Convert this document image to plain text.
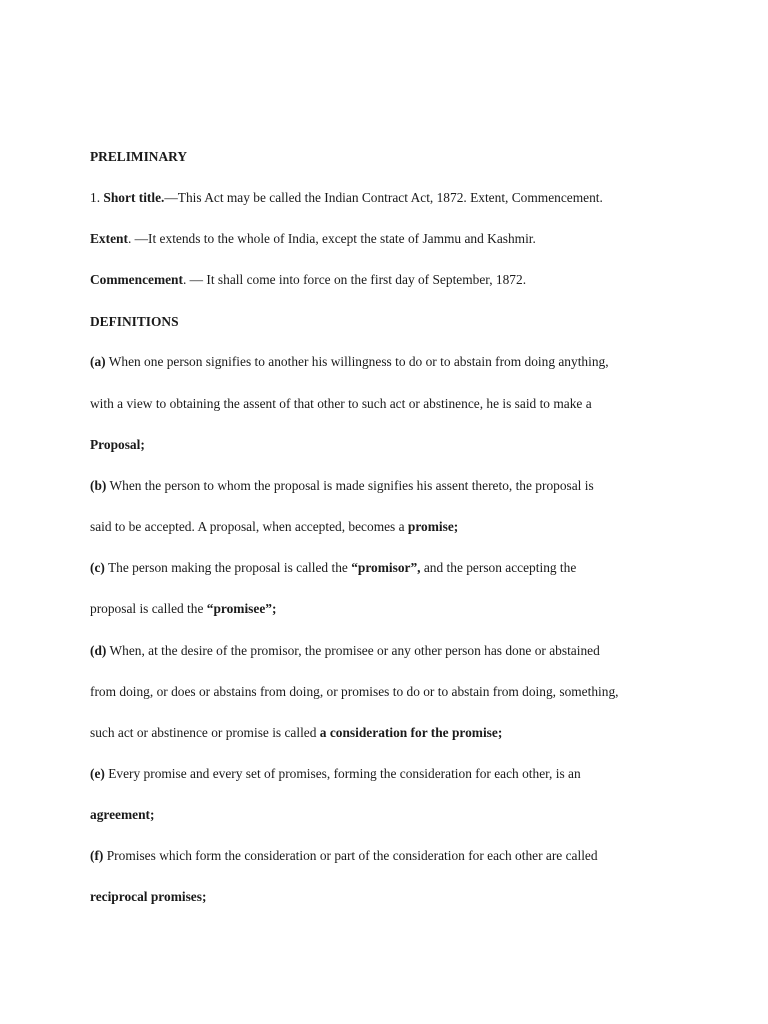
PRELIMINARY
1. Short title.—This Act may be called the Indian Contract Act, 1872. Extent, Commencement.
Extent. —It extends to the whole of India, except the state of Jammu and Kashmir.
Commencement. — It shall come into force on the first day of September, 1872.
DEFINITIONS
(a) When one person signifies to another his willingness to do or to abstain from doing anything,
with a view to obtaining the assent of that other to such act or abstinence, he is said to make a
Proposal;
(b) When the person to whom the proposal is made signifies his assent thereto, the proposal is
said to be accepted. A proposal, when accepted, becomes a promise;
(c) The person making the proposal is called the “promisor”, and the person accepting the
proposal is called the “promisee”;
(d) When, at the desire of the promisor, the promisee or any other person has done or abstained
from doing, or does or abstains from doing, or promises to do or to abstain from doing, something,
such act or abstinence or promise is called a consideration for the promise;
(e) Every promise and every set of promises, forming the consideration for each other, is an
agreement;
(f) Promises which form the consideration or part of the consideration for each other are called
reciprocal promises;
